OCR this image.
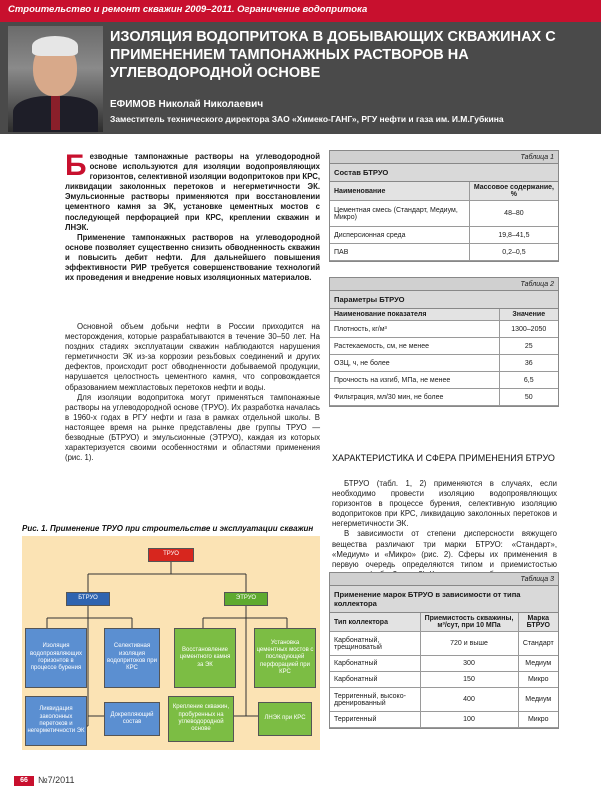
Строительство и ремонт скважин 2009–2011. Ограничение водопритока
ИЗОЛЯЦИЯ ВОДОПРИТОКА В ДОБЫВАЮЩИХ СКВАЖИНАХ С ПРИМЕНЕНИЕМ ТАМПОНАЖНЫХ РАСТВОРОВ НА УГЛЕВОДОРОДНОЙ ОСНОВЕ
ЕФИМОВ Николай Николаевич
Заместитель технического директора ЗАО «Химеко-ГАНГ», РГУ нефти и газа им. И.М.Губкина

Безводные тампонажные растворы на углеводородной основе используются для изоляции водопроявляющих горизонтов, селективной изоляции водопритоков при КРС, ликвидации заколонных перетоков и негерметичности ЭК. Эмульсионные растворы применяются при восстановлении цементного камня за ЭК, установке цементных мостов с последующей перфорацией при КРС, креплении скважин и ЛНЭК.

Применение тампонажных растворов на углеводородной основе позволяет существенно снизить обводненность скважин и повысить дебит нефти. Для дальнейшего повышения эффективности РИР требуется совершенствование технологий их проведения и внедрение новых изоляционных материалов.

Основной объем добычи нефти в России приходится на месторождения, которые разрабатываются в течение 30–50 лет. На поздних стадиях эксплуатации скважин наблюдаются нарушения герметичности ЭК из-за коррозии резьбовых соединений и других дефектов, происходит рост обводненности добываемой продукции, нарушается целостность цементного камня, что сопровождается образованием межпластовых перетоков нефти и воды.

Для изоляции водопритока могут применяться тампонажные растворы на углеводородной основе (ТРУО). Их разработка началась в 1960-х годах в РГУ нефти и газа в рамках отдельной школы. В настоящее время на рынке представлены две группы ТРУО — безводные (БТРУО) и эмульсионные (ЭТРУО), каждая из которых характеризуется своими особенностями и областями применения (рис. 1).

Рис. 1. Применение ТРУО при строительстве и эксплуатации скважин
ТРУО
БТРУО	ЭТРУО
Изоляция водопроявляющих горизонтов в процессе бурения
Селективная изоляция водопритоков при КРС
Ликвидация заколонных перетоков и негерметичности ЭК
Докрепляющий состав
Восстановление цементного камня за ЭК
Установка цементных мостов с последующей перфорацией при КРС
Крепление скважин, пробуренных на углеводородной основе
ЛНЭК при КРС
Таблица 1
Состав БТРУО
Наименование	Массовое содержание, %
Цементная смесь (Стандарт, Медиум, Микро)	48–80
Дисперсионная среда	19,8–41,5
ПАВ	0,2–0,5
Таблица 2
Параметры БТРУО
Наименование показателя	Значение
Плотность, кг/м³	1300–2050
Растекаемость, см, не менее	25
ОЗЦ, ч, не более	36
Прочность на изгиб, МПа, не менее	6,5
Фильтрация, мл/30 мин, не более	50
ХАРАКТЕРИСТИКА И СФЕРА ПРИМЕНЕНИЯ БТРУО

БТРУО (табл. 1, 2) применяются в случаях, если необходимо провести изоляцию водопроявляющих горизонтов в процессе бурения, селективную изоляцию водопритоков при КРС, ликвидацию заколонных перетоков и негерметичности ЭК.

В зависимости от степени дисперсности вяжущего вещества различают три марки БТРУО: «Стандарт», «Медиум» и «Микро» (рис. 2). Сферы их применения в первую очередь определяются типом и приемистостью

Таблица 3
Применение марок БТРУО в зависимости от типа коллектора
Тип коллектора	Приемистость скважины, м³/сут, при 10 МПа	Марка БТРУО
Карбонатный, трещиноватый	720 и выше	Стандарт
Карбонатный	300	Медиум
Карбонатный	150	Микро
Терригенный, высоко-дренированный	400	Медиум
Терригенный	100	Микро
66	№7/2011
